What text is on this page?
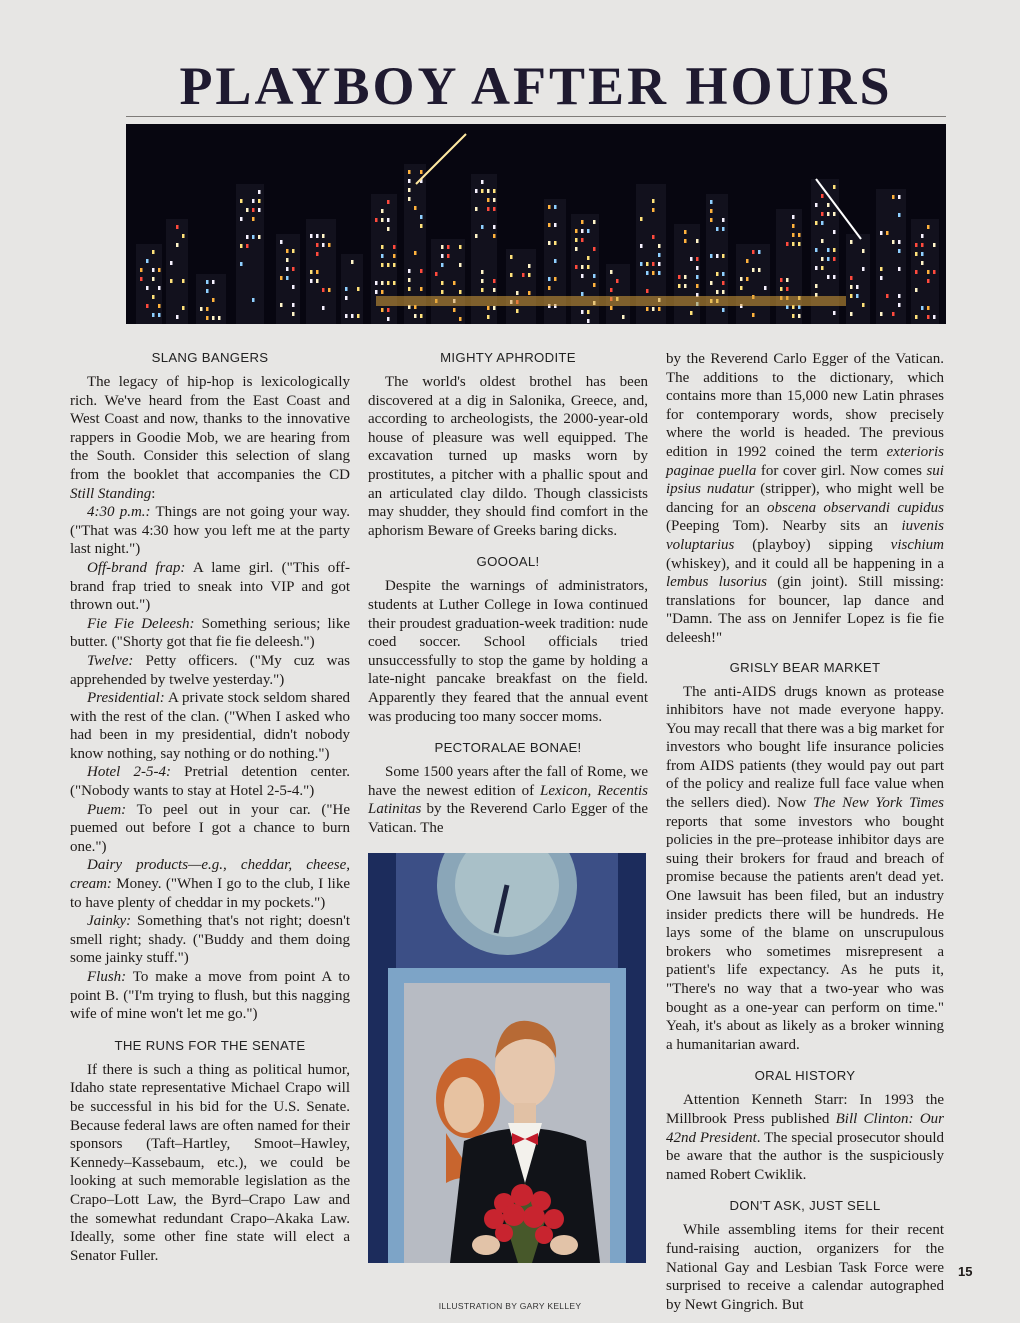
PLAYBOY AFTER HOURS
SLANG BANGERS

The legacy of hip-hop is lexicologically rich. We've heard from the East Coast and West Coast and now, thanks to the innovative rappers in Goodie Mob, we are hearing from the South. Consider this selection of slang from the booklet that accompanies the CD Still Standing:

4:30 p.m.: Things are not going your way. ("That was 4:30 how you left me at the party last night.")

Off-brand frap: A lame girl. ("This off-brand frap tried to sneak into VIP and got thrown out.")

Fie Fie Deleesh: Something serious; like butter. ("Shorty got that fie fie deleesh.")

Twelve: Petty officers. ("My cuz was apprehended by twelve yesterday.")

Presidential: A private stock seldom shared with the rest of the clan. ("When I asked who had been in my presidential, didn't nobody know nothing, say nothing or do nothing.")

Hotel 2-5-4: Pretrial detention center. ("Nobody wants to stay at Hotel 2-5-4.")

Puem: To peel out in your car. ("He puemed out before I got a chance to burn one.")

Dairy products—e.g., cheddar, cheese, cream: Money. ("When I go to the club, I like to have plenty of cheddar in my pockets.")

Jainky: Something that's not right; doesn't smell right; shady. ("Buddy and them doing some jainky stuff.")

Flush: To make a move from point A to point B. ("I'm trying to flush, but this nagging wife of mine won't let me go.")

THE RUNS FOR THE SENATE

If there is such a thing as political humor, Idaho state representative Michael Crapo will be successful in his bid for the U.S. Senate. Because federal laws are often named for their sponsors (Taft–Hartley, Smoot–Hawley, Kennedy–Kassebaum, etc.), we could be looking at such memorable legislation as the Crapo–Lott Law, the Byrd–Crapo Law and the somewhat redundant Crapo–Akaka Law. Ideally, some other fine state will elect a Senator Fuller.

MIGHTY APHRODITE

The world's oldest brothel has been discovered at a dig in Salonika, Greece, and, according to archeologists, the 2000-year-old house of pleasure was well equipped. The excavation turned up masks worn by prostitutes, a pitcher with a phallic spout and an articulated clay dildo. Though classicists may shudder, they should find comfort in the aphorism Beware of Greeks baring dicks.

GOOOAL!

Despite the warnings of administrators, students at Luther College in Iowa continued their proudest graduation-week tradition: nude coed soccer. School officials tried unsuccessfully to stop the game by holding a late-night pancake breakfast on the field. Apparently they feared that the annual event was producing too many soccer moms.

PECTORALAE BONAE!

Some 1500 years after the fall of Rome, we have the newest edition of Lexicon, Recentis Latinitas by the Reverend Carlo Egger of the Vatican. The

by the Reverend Carlo Egger of the Vatican. The additions to the dictionary, which contains more than 15,000 new Latin phrases for contemporary words, show precisely where the world is headed. The previous edition in 1992 coined the term exterioris paginae puella for cover girl. Now comes sui ipsius nudatur (stripper), who might well be dancing for an obscena observandi cupidus (Peeping Tom). Nearby sits an iuvenis voluptarius (playboy) sipping vischium (whiskey), and it could all be happening in a lembus lusorius (gin joint). Still missing: translations for bouncer, lap dance and "Damn. The ass on Jennifer Lopez is fie fie deleesh!"

GRISLY BEAR MARKET

The anti-AIDS drugs known as protease inhibitors have not made everyone happy. You may recall that there was a big market for investors who bought life insurance policies from AIDS patients (they would pay out part of the policy and realize full face value when the sellers died). Now The New York Times reports that some investors who bought policies in the pre–protease inhibitor days are suing their brokers for fraud and breach of promise because the patients aren't dead yet. One lawsuit has been filed, but an industry insider predicts there will be hundreds. He lays some of the blame on unscrupulous brokers who sometimes misrepresent a patient's life expectancy. As he puts it, "There's no way that a two-year who was bought as a one-year can perform on time." Yeah, it's about as likely as a broker winning a humanitarian award.

ORAL HISTORY

Attention Kenneth Starr: In 1993 the Millbrook Press published Bill Clinton: Our 42nd President. The special prosecutor should be aware that the author is the suspiciously named Robert Cwiklik.

DON'T ASK, JUST SELL

While assembling items for their recent fund-raising auction, organizers for the National Gay and Lesbian Task Force were surprised to receive a calendar autographed by Newt Gingrich. But

15
ILLUSTRATION BY GARY KELLEY
